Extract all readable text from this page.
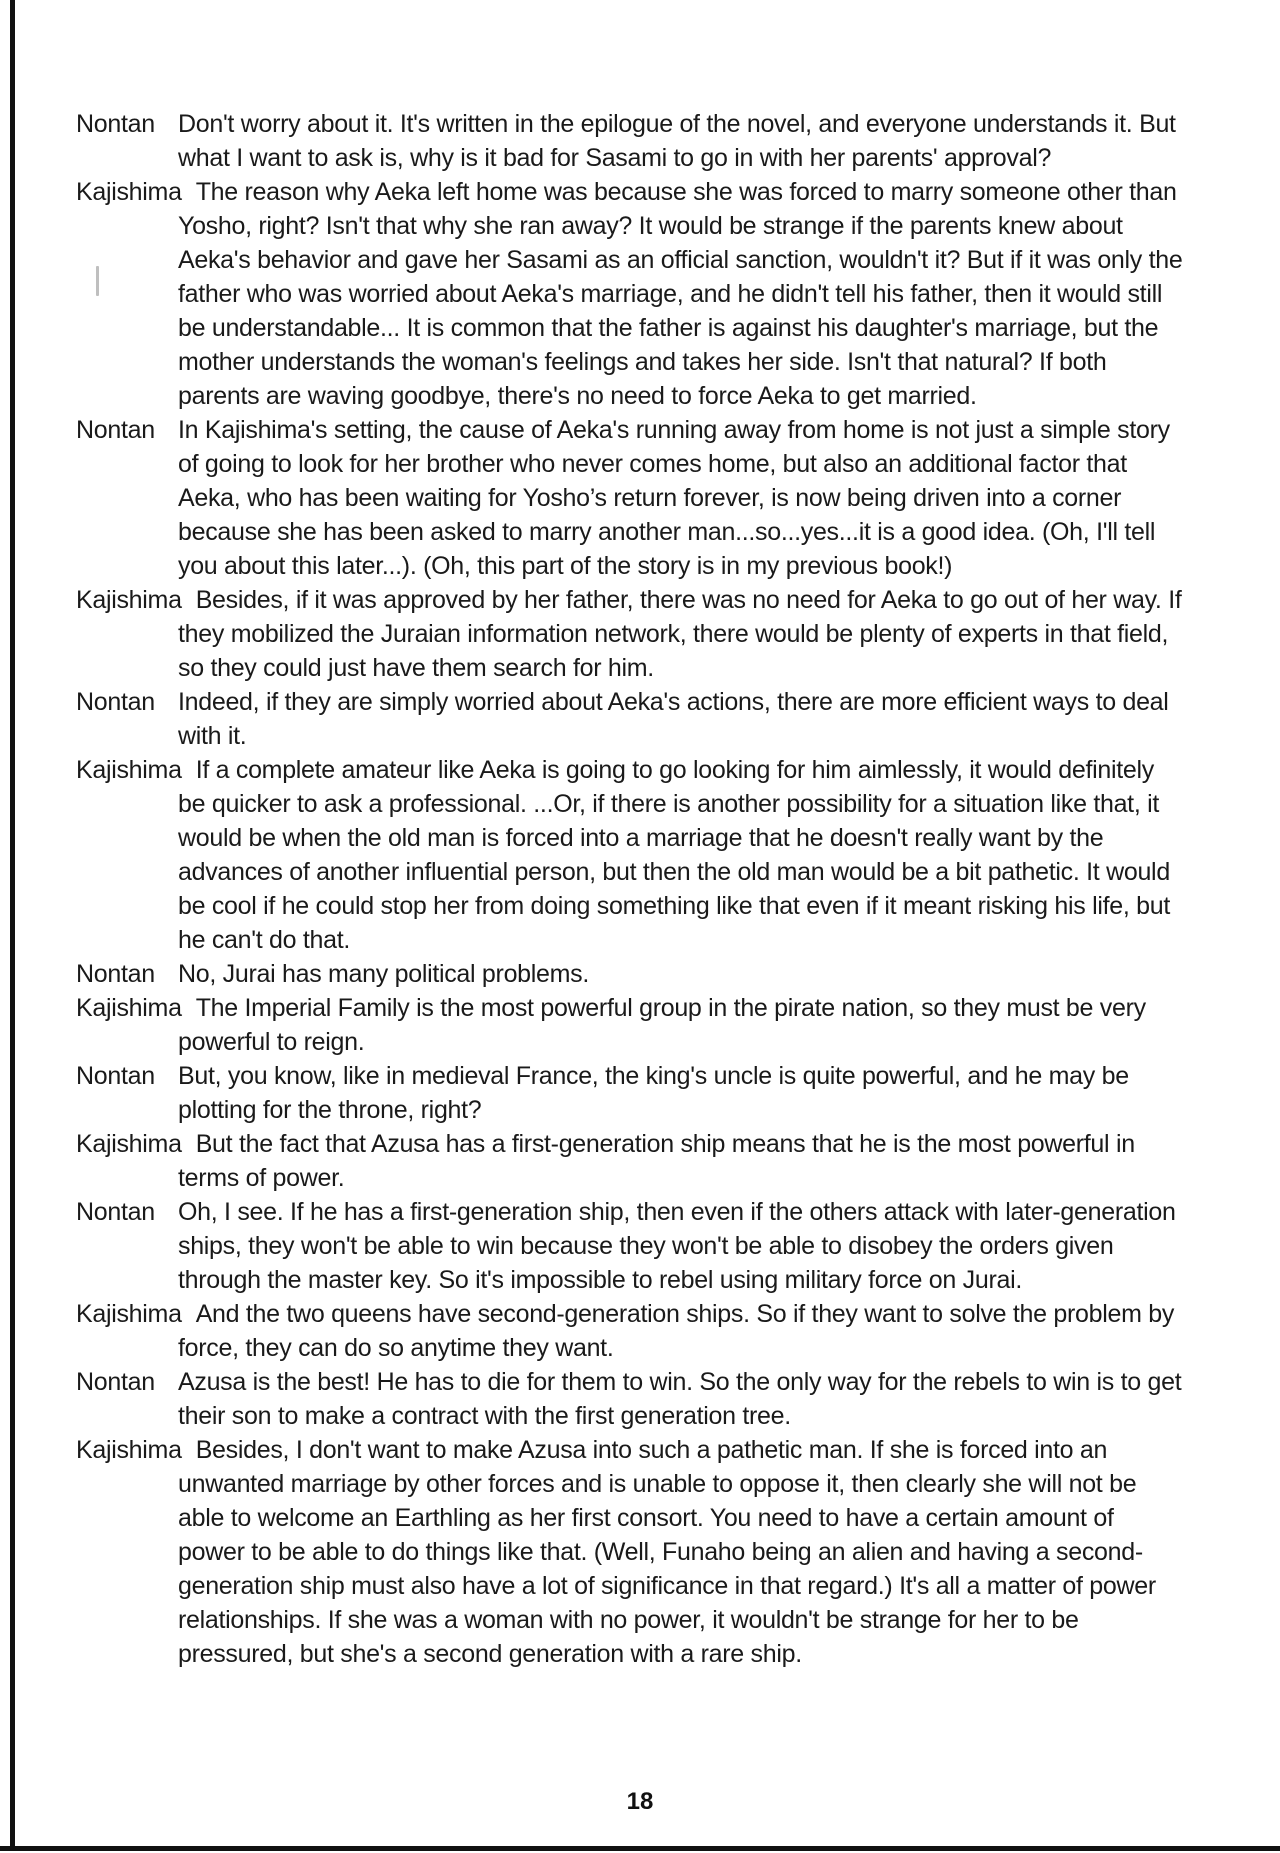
Nontan Don't worry about it. It's written in the epilogue of the novel, and everyone understands it. But what I want to ask is, why is it bad for Sasami to go in with her parents' approval?
Kajishima The reason why Aeka left home was because she was forced to marry someone other than Yosho, right? Isn't that why she ran away? It would be strange if the parents knew about Aeka's behavior and gave her Sasami as an official sanction, wouldn't it? But if it was only the father who was worried about Aeka's marriage, and he didn't tell his father, then it would still be understandable... It is common that the father is against his daughter's marriage, but the mother understands the woman's feelings and takes her side. Isn't that natural? If both parents are waving goodbye, there's no need to force Aeka to get married.
Nontan In Kajishima's setting, the cause of Aeka's running away from home is not just a simple story of going to look for her brother who never comes home, but also an additional factor that Aeka, who has been waiting for Yosho’s return forever, is now being driven into a corner because she has been asked to marry another man...so...yes...it is a good idea. (Oh, I'll tell you about this later...). (Oh, this part of the story is in my previous book!)
Kajishima Besides, if it was approved by her father, there was no need for Aeka to go out of her way. If they mobilized the Juraian information network, there would be plenty of experts in that field, so they could just have them search for him.
Nontan Indeed, if they are simply worried about Aeka's actions, there are more efficient ways to deal with it.
Kajishima If a complete amateur like Aeka is going to go looking for him aimlessly, it would definitely be quicker to ask a professional. ...Or, if there is another possibility for a situation like that, it would be when the old man is forced into a marriage that he doesn't really want by the advances of another influential person, but then the old man would be a bit pathetic. It would be cool if he could stop her from doing something like that even if it meant risking his life, but he can't do that.
Nontan No, Jurai has many political problems.
Kajishima The Imperial Family is the most powerful group in the pirate nation, so they must be very powerful to reign.
Nontan But, you know, like in medieval France, the king's uncle is quite powerful, and he may be plotting for the throne, right?
Kajishima But the fact that Azusa has a first-generation ship means that he is the most powerful in terms of power.
Nontan Oh, I see. If he has a first-generation ship, then even if the others attack with later-generation ships, they won't be able to win because they won't be able to disobey the orders given through the master key. So it's impossible to rebel using military force on Jurai.
Kajishima And the two queens have second-generation ships. So if they want to solve the problem by force, they can do so anytime they want.
Nontan Azusa is the best! He has to die for them to win. So the only way for the rebels to win is to get their son to make a contract with the first generation tree.
Kajishima Besides, I don't want to make Azusa into such a pathetic man. If she is forced into an unwanted marriage by other forces and is unable to oppose it, then clearly she will not be able to welcome an Earthling as her first consort. You need to have a certain amount of power to be able to do things like that. (Well, Funaho being an alien and having a second-generation ship must also have a lot of significance in that regard.) It's all a matter of power relationships. If she was a woman with no power, it wouldn't be strange for her to be pressured, but she's a second generation with a rare ship.
18
